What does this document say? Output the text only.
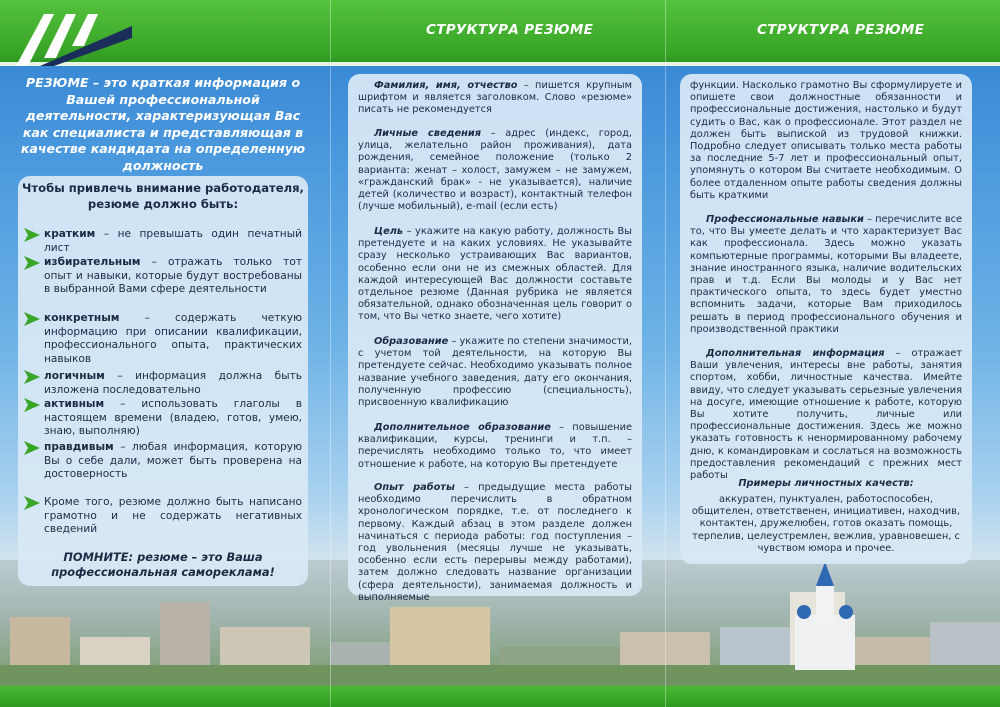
СТРУКТУРА РЕЗЮМЕ	СТРУКТУРА РЕЗЮМЕ
РЕЗЮМЕ – это краткая информация о Вашей профессиональной деятельности, характеризующая Вас как специалиста и представляющая в качестве кандидата на определенную должность
Чтобы привлечь внимание работодателя, резюме должно быть:
кратким – не превышать один печатный лист
избирательным – отражать только тот опыт и навыки, которые будут востребованы в выбранной Вами сфере деятельности
конкретным – содержать четкую информацию при описании квалификации, профессионального опыта, практических навыков
логичным – информация должна быть изложена последовательно
активным – использовать глаголы в настоящем времени (владею, готов, умею, знаю, выполняю)
правдивым – любая информация, которую Вы о себе дали, может быть проверена на достоверность
Кроме того, резюме должно быть написано грамотно и не содержать негативных сведений
ПОМНИТЕ: резюме – это Ваша профессиональная самореклама!
Фамилия, имя, отчество – пишется крупным шрифтом и является заголовком. Слово «резюме» писать не рекомендуется
Личные сведения – адрес (индекс, город, улица, желательно район проживания), дата рождения, семейное положение (только 2 варианта: женат – холост, замужем – не замужем, «гражданский брак» - не указывается), наличие детей (количество и возраст), контактный телефон (лучше мобильный), e-mail (если есть)
Цель – укажите на какую работу, должность Вы претендуете и на каких условиях. Не указывайте сразу несколько устраивающих Вас вариантов, особенно если они не из смежных областей. Для каждой интересующей Вас должности составьте отдельное резюме (Данная рубрика не является обязательной, однако обозначенная цель говорит о том, что Вы четко знаете, чего хотите)
Образование – укажите по степени значимости, с учетом той деятельности, на которую Вы претендуете сейчас. Необходимо указывать полное название учебного заведения, дату его окончания, полученную профессию (специальность), присвоенную квалификацию
Дополнительное образование – повышение квалификации, курсы, тренинги и т.п. – перечислять необходимо только то, что имеет отношение к работе, на которую Вы претендуете
Опыт работы – предыдущие места работы необходимо перечислить в обратном хронологическом порядке, т.е. от последнего к первому. Каждый абзац в этом разделе должен начинаться с периода работы: год поступления – год увольнения (месяцы лучше не указывать, особенно если есть перерывы между работами), затем должно следовать название организации (сфера деятельности), занимаемая должность и выполняемые
функции. Насколько грамотно Вы сформулируете и опишете свои должностные обязанности и профессиональные достижения, настолько и будут судить о Вас, как о профессионале. Этот раздел не должен быть выпиской из трудовой книжки. Подробно следует описывать только места работы за последние 5-7 лет и профессиональный опыт, упомянуть о котором Вы считаете необходимым. О более отдаленном опыте работы сведения должны быть краткими
Профессиональные навыки – перечислите все то, что Вы умеете делать и что характеризует Вас как профессионала. Здесь можно указать компьютерные программы, которыми Вы владеете, знание иностранного языка, наличие водительских прав и т.д. Если Вы молоды и у Вас нет практического опыта, то здесь будет уместно вспомнить задачи, которые Вам приходилось решать в период профессионального обучения и производственной практики
Дополнительная информация – отражает Ваши увлечения, интересы вне работы, занятия спортом, хобби, личностные качества. Имейте ввиду, что следует указывать серьезные увлечения на досуге, имеющие отношение к работе, которую Вы хотите получить, личные или профессиональные достижения. Здесь же можно указать готовность к ненормированному рабочему дню, к командировкам и сослаться на возможность предоставления рекомендаций с прежних мест работы
Примеры личностных качеств:
аккуратен, пунктуален, работоспособен, общителен, ответственен, инициативен, находчив, контактен, дружелюбен, готов оказать помощь, терпелив, целеустремлен, вежлив, уравновешен, с чувством юмора и прочее.
